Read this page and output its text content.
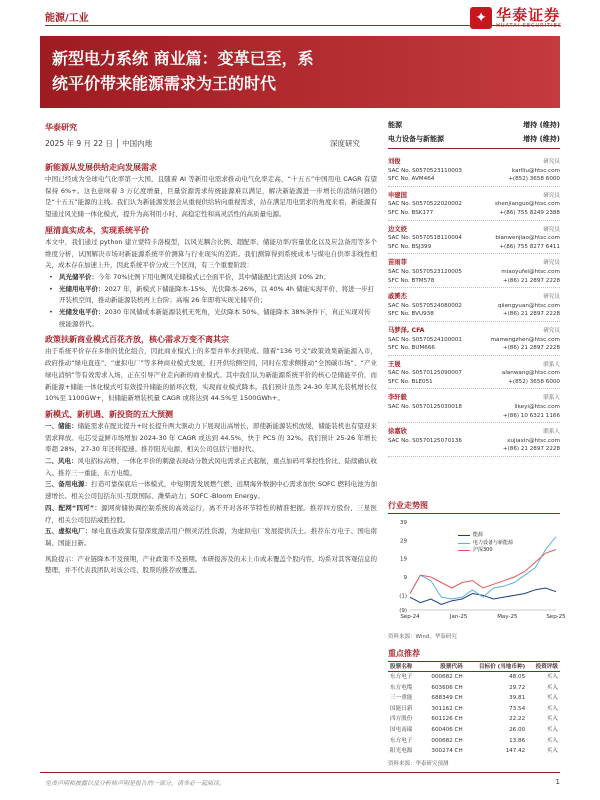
能源/工业	✦ 华泰证券
HUATAI SECURITIES
新型电力系统 商业篇：变革已至，系
统平价带来能源需求为王的时代
华泰研究
2025 年 9 月 22 日 │ 中国内地	深度研究
新能源从发展供给走向发展需求
中国已经成为全球电气化率第一大国，且随着 AI 等新用电需求推动电气化率走高，“十五五”中国用电 CAGR 有望保持 6%+。这也意味着 3 万亿度增量，巨量资源需求传统能源难以满足，解决新能源进一步增长的消纳问题仍是“十五五”能源的主线。我们认为新能源发展会从重视供给转向重视需求，站在满足用电需求的角度来看，新能源有望通过风光储一体化模式，提升为高利用小时、高稳定性和高灵活性的高质量电源。
厘清真实成本，实现系统平价
本文中，我们通过 python 建立蒙特卡洛模型，以风光耦合比例、超配率、储能功率/容量优化以及应急备用等多个维度分析，试图解决市场对新能源系统平价测算与行业现实的差距。我们测算得到系统成本与煤电自供率非线性相关，成本存在加速上升，因此系统平价分成三个区间，有三个重要阶段：
• 风光储平价：今年 70%比例下用电侧风光储模式已全面平价，其中储能配比需达到 10% 2h；
• 光储用电平价：2027 年，新模式下储能降本-15%、光伏降本-26%，以 40% 4h 储能实现平价，将进一步打开装机空间，推动新能源装机再上台阶；高端 26 年即将实现光储平价；
• 光储发电平价：2030 年风储成本新能源装机无死角，光伏降本 50%、储能降本 38%条件下，真正实现对传统能源替代。
政策扶新商业模式百花齐放，核心需求万变不离其宗
由于系统平价存在多维的优化组合，因此商业模式上的多型并举水到渠成。随着“136 号文”政策效果新能源入市，政府推动“绿电直连”、“虚拟电厂”等多种商业模式发展，打开供给侧空间，同时在需求侧推动“全国碳市场”、“产业绿电消纳”等有效需求入场，正在引导产业走向新的商业模式。其中我们认为新能源系统平价的核心是储能平价，而新能源+储能一体化模式可有效提升储能的循环次数，实现商业模式降本。我们预计虽然 24-30 年风光装机增长仅 10%至 1100GW+，但储能新增装机量 CAGR 或将达到 44.5%至 1500GWh+。
新模式、新机遇、新投资的五大预测
一、储能：储能需求在配比提升+时长提升两大驱动力下展现出高增长，即使新能源装机放缓，储能装机也有望迎来需求释放。电芯受益鲜市场增加 2024-30 年 CAGR 或达到 44.5%，快于 PCS 的 32%。我们预计 25-26 年增长率超 28%，27-30 年还将提速。推荐阳光电源，相关公司包括宁德时代。
二、风电：风电招标高增、一体化平价的刺激表现动分散式风电需求正式起航，重点加码可掌控性价比、陆续确认收入。推荐三一重能、东方电缆。
三、备用电源：打造可靠保底后一体模式，中短期需发展燃气燃、远期海外数据中心需求加快 SOFC 燃料电池为加速增长。相关公司包括东贝-互联国际、潍柴动力；SOFC -Bloom Energy。
四、配网“四可”：源网荷储协调控制系统的高效运行，离不开对各环节特性的精准把握。推荐四方股份、三星医疗，相关公司包括威胜控股。
五、虚拟电厂：绿电直连政策有望深度激活用户侧灵活性资源，为虚拟电厂发展提供沃土。推荐东方电子、国电南瑞、国能日新。
风险提示：产业链降本不及预期，产业政策不及预期。本研报涉及的未上市或未覆盖个股内容，均系对其客观信息的整理，并不代表我团队对该公司、股票的推荐或覆盖。
能源	增持 (维持)
电力设备与新能源	增持 (维持)
刘俊	研究员
SAC No. S0570523110003	karlliu@htsc.com
SFC No. AVM464	+(852) 3658 6000
申建国	研究员
SAC No. S0570522020002	shenjianguo@htsc.com
SFC No. BSK177	+(86) 755 8249 2388
边文姣	研究员
SAC No. S0570518110004	bianwenjiao@htsc.com
SFC No. BSJ399	+(86) 755 8277 6411
苗雨菲	研究员
SAC No. S0570523120005	miaoyufei@htsc.com
SFC No. BTM578	+(86) 21 2897 2228
戚赟杰	研究员
SAC No. S0570524080002	qiiengyuan@htsc.com
SFC No. BVU938	+(86) 21 2897 2228
马梦泽, CFA	研究员
SAC No. S0570524100001	mamengzhen@htsc.com
SFC No. BUM666	+(86) 21 2897 2228
王晟	联系人
SAC No. S0570125090007	alanwang@htsc.com
SFC No. BLE051	+(852) 3658 6000
李轩毅	联系人
SAC No. S0570125030018	likeyi@htsc.com
+(86) 10 6321 1166
徐嘉欣	联系人
SAC No. S0570125070136	xujiaxin@htsc.com
+(86) 21 2897 2228
行业走势图
39
29
19
9
(1)
(9)
Sep-24	Jan-25	May-25	Sep-25
能源
电力设备与新能源
沪深300
资料来源：Wind，华泰研究
重点推荐
股票名称	股票代码	目标价 (当地币种)	投资评级
东方电子	000682 CH	48.05	买入
东方电缆	603606 CH	29.72	买入
三一重能	688349 CH	39.81	买入
国能日新	301162 CH	73.54	买入
四方股份	601126 CH	22.22	买入
国电南瑞	600406 CH	26.00	买入
东方电子	000682 CH	13.86	买入
阳光电源	300274 CH	147.42	买入
资料来源：华泰研究预测
免责声明和披露以及分析师声明是报告的一部分，请务必一起阅读。	1
